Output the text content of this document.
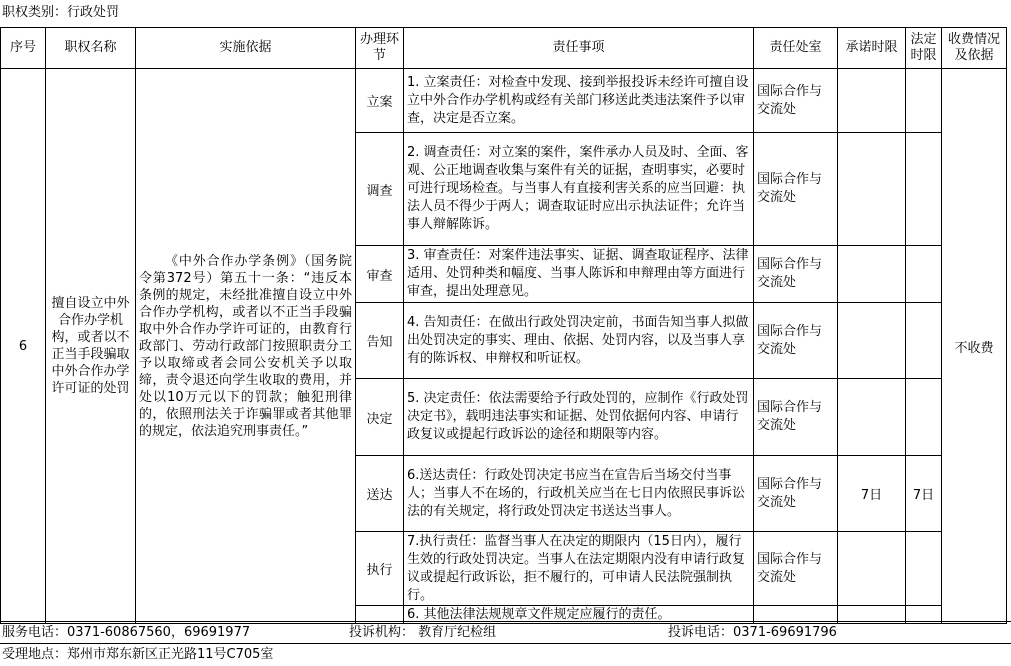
职权类别：行政处罚
序号	职权名称	实施依据	办理环节	责任事项	责任处室	承诺时限	法定时限	收费情况及依据
6	擅自设立中外合作办学机构，或者以不正当手段骗取中外合作办学许可证的处罚	《中外合作办学条例》（国务院令第372号）第五十一条：“违反本条例的规定，未经批准擅自设立中外合作办学机构，或者以不正当手段骗取中外合作办学许可证的，由教育行政部门、劳动行政部门按照职责分工予以取缔或者会同公安机关予以取缔，责令退还向学生收取的费用，并处以10万元以下的罚款；触犯刑律的，依照刑法关于诈骗罪或者其他罪的规定，依法追究刑事责任。”	立案	1. 立案责任：对检查中发现、接到举报投诉未经许可擅自设立中外合作办学机构或经有关部门移送此类违法案件予以审查，决定是否立案。	国际合作与交流处			不收费
			调查	2. 调查责任：对立案的案件，案件承办人员及时、全面、客观、公正地调查收集与案件有关的证据，查明事实，必要时可进行现场检查。与当事人有直接利害关系的应当回避：执法人员不得少于两人；调查取证时应出示执法证件；允许当事人辩解陈诉。	国际合作与交流处			
			审查	3. 审查责任：对案件违法事实、证据、调查取证程序、法律适用、处罚种类和幅度、当事人陈诉和申辩理由等方面进行审查，提出处理意见。	国际合作与交流处			
			告知	4. 告知责任：在做出行政处罚决定前，书面告知当事人拟做出处罚决定的事实、理由、依据、处罚内容，以及当事人享有的陈诉权、申辩权和听证权。	国际合作与交流处			
			决定	5. 决定责任：依法需要给予行政处罚的，应制作《行政处罚决定书》，载明违法事实和证据、处罚依据何内容、申请行政复议或提起行政诉讼的途径和期限等内容。	国际合作与交流处			
			送达	6.送达责任：行政处罚决定书应当在宣告后当场交付当事人；当事人不在场的，行政机关应当在七日内依照民事诉讼法的有关规定，将行政处罚决定书送达当事人。	国际合作与交流处	7日	7日	
			执行	7.执行责任：监督当事人在决定的期限内（15日内），履行生效的行政处罚决定。当事人在法定期限内没有申请行政复议或提起行政诉讼，拒不履行的，可申请人民法院强制执行。	国际合作与交流处			
				6. 其他法律法规规章文件规定应履行的责任。				
服务电话：0371-60867560，69691977	投诉机构： 教育厅纪检组	投诉电话：0371-69691796
受理地点：郑州市郑东新区正光路11号C705室
